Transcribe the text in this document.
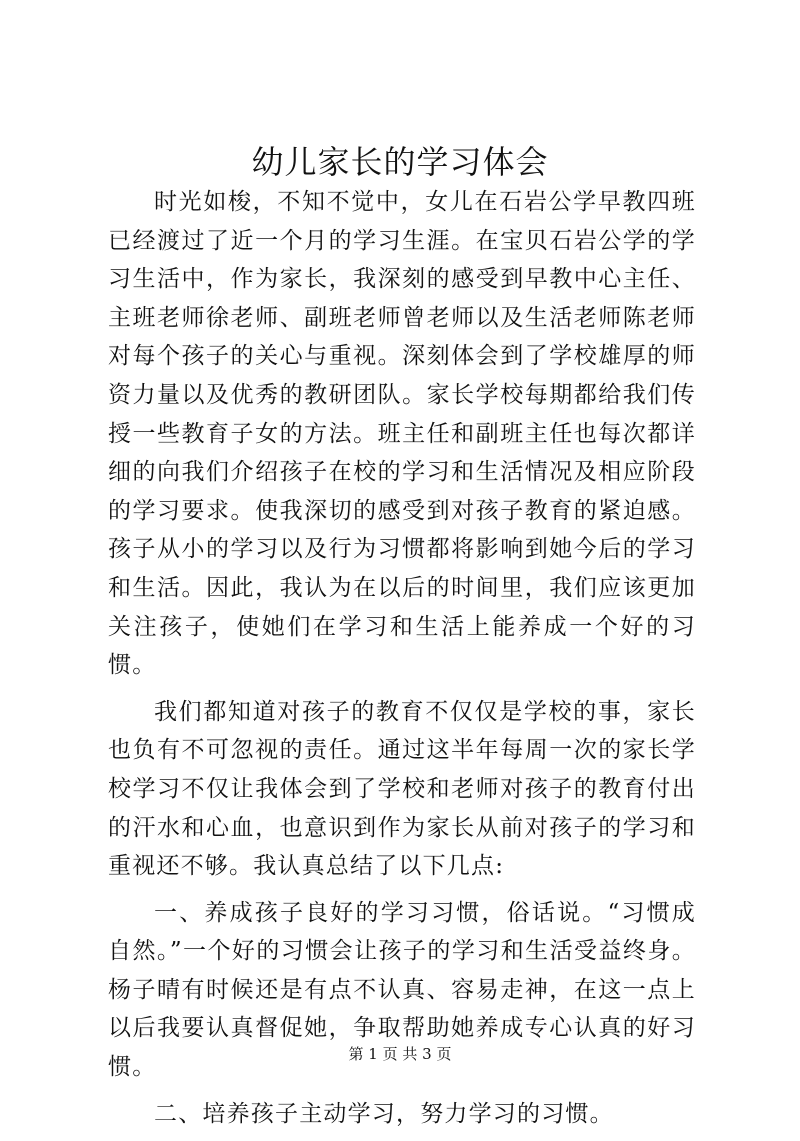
幼儿家长的学习体会

时光如梭，不知不觉中，女儿在石岩公学早教四班已经渡过了近一个月的学习生涯。在宝贝石岩公学的学习生活中，作为家长，我深刻的感受到早教中心主任、主班老师徐老师、副班老师曾老师以及生活老师陈老师对每个孩子的关心与重视。深刻体会到了学校雄厚的师资力量以及优秀的教研团队。家长学校每期都给我们传授一些教育子女的方法。班主任和副班主任也每次都详细的向我们介绍孩子在校的学习和生活情况及相应阶段的学习要求。使我深切的感受到对孩子教育的紧迫感。孩子从小的学习以及行为习惯都将影响到她今后的学习和生活。因此，我认为在以后的时间里，我们应该更加关注孩子，使她们在学习和生活上能养成一个好的习惯。

我们都知道对孩子的教育不仅仅是学校的事，家长也负有不可忽视的责任。通过这半年每周一次的家长学校学习不仅让我体会到了学校和老师对孩子的教育付出的汗水和心血，也意识到作为家长从前对孩子的学习和重视还不够。我认真总结了以下几点:

一、养成孩子良好的学习习惯，俗话说。“习惯成自然。”一个好的习惯会让孩子的学习和生活受益终身。杨子晴有时候还是有点不认真、容易走神，在这一点上以后我要认真督促她，争取帮助她养成专心认真的好习惯。

二、培养孩子主动学习，努力学习的习惯。

第 1 页 共 3 页
